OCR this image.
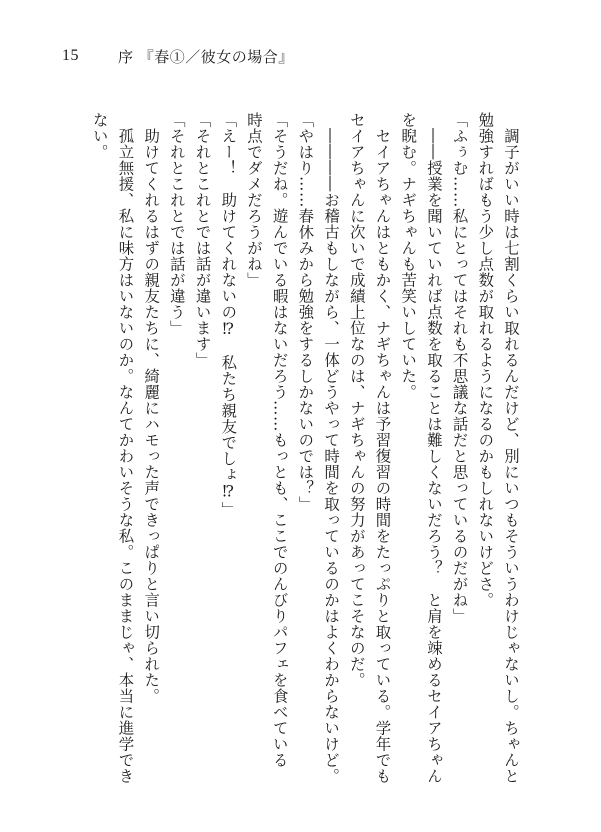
15	序 『春①／彼女の場合』
　調子がいい時は七割くらい取れるんだけど、別にいつもそういうわけじゃないし。ちゃんと
勉強すればもう少し点数が取れるようになるのかもしれないけどさ。
「ふぅむ……私にとってはそれも不思議な話だと思っているのだがね」
　――授業を聞いていれば点数を取ることは難しくないだろう？　と肩を竦めるセイアちゃん
を睨む。ナギちゃんも苦笑いしていた。
　セイアちゃんはともかく、ナギちゃんは予習復習の時間をたっぷりと取っている。学年でも
セイアちゃんに次いで成績上位なのは、ナギちゃんの努力があってこそなのだ。
　――――お稽古もしながら、一体どうやって時間を取っているのかはよくわからないけど。
「やはり……春休みから勉強をするしかないのでは？」
「そうだね。遊んでいる暇はないだろう……もっとも、ここでのんびりパフェを食べている
時点でダメだろうがね」
「えー！　助けてくれないの⁉　私たち親友でしょ⁉」
「それとこれとでは話が違います」
「それとこれとでは話が違う」
　助けてくれるはずの親友たちに、綺麗にハモった声できっぱりと言い切られた。
　孤立無援、私に味方はいないのか。なんてかわいそうな私。このままじゃ、本当に進学でき
ない。
